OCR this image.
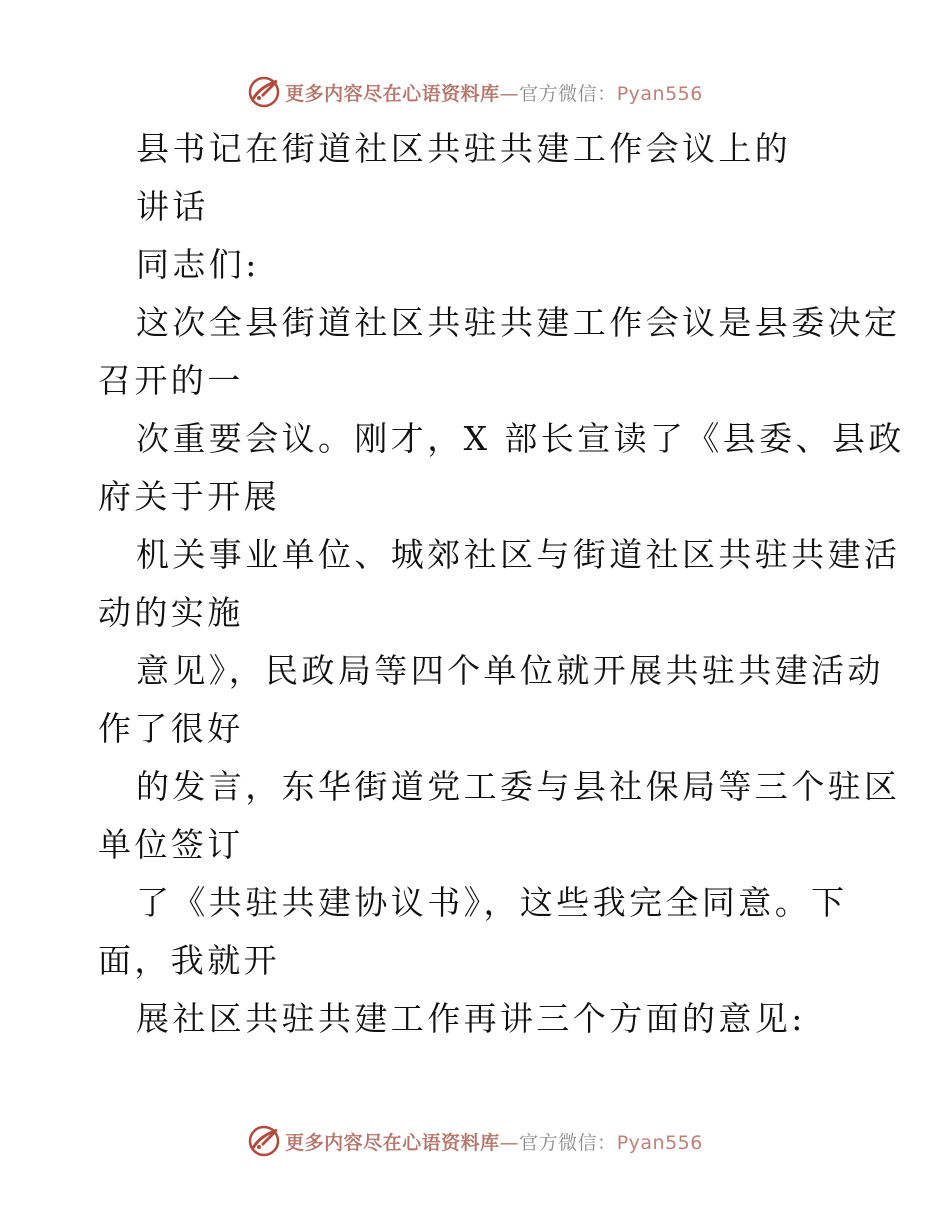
更多内容尽在心语资料库—官方微信：Pyan556
县书记在街道社区共驻共建工作会议上的
讲话
同志们:
这次全县街道社区共驻共建工作会议是县委决定
召开的一
次重要会议。刚才，X 部长宣读了《县委、县政
府关于开展
机关事业单位、城郊社区与街道社区共驻共建活
动的实施
意见》，民政局等四个单位就开展共驻共建活动
作了很好
的发言，东华街道党工委与县社保局等三个驻区
单位签订
了《共驻共建协议书》，这些我完全同意。下
面，我就开
展社区共驻共建工作再讲三个方面的意见:
更多内容尽在心语资料库—官方微信：Pyan556
